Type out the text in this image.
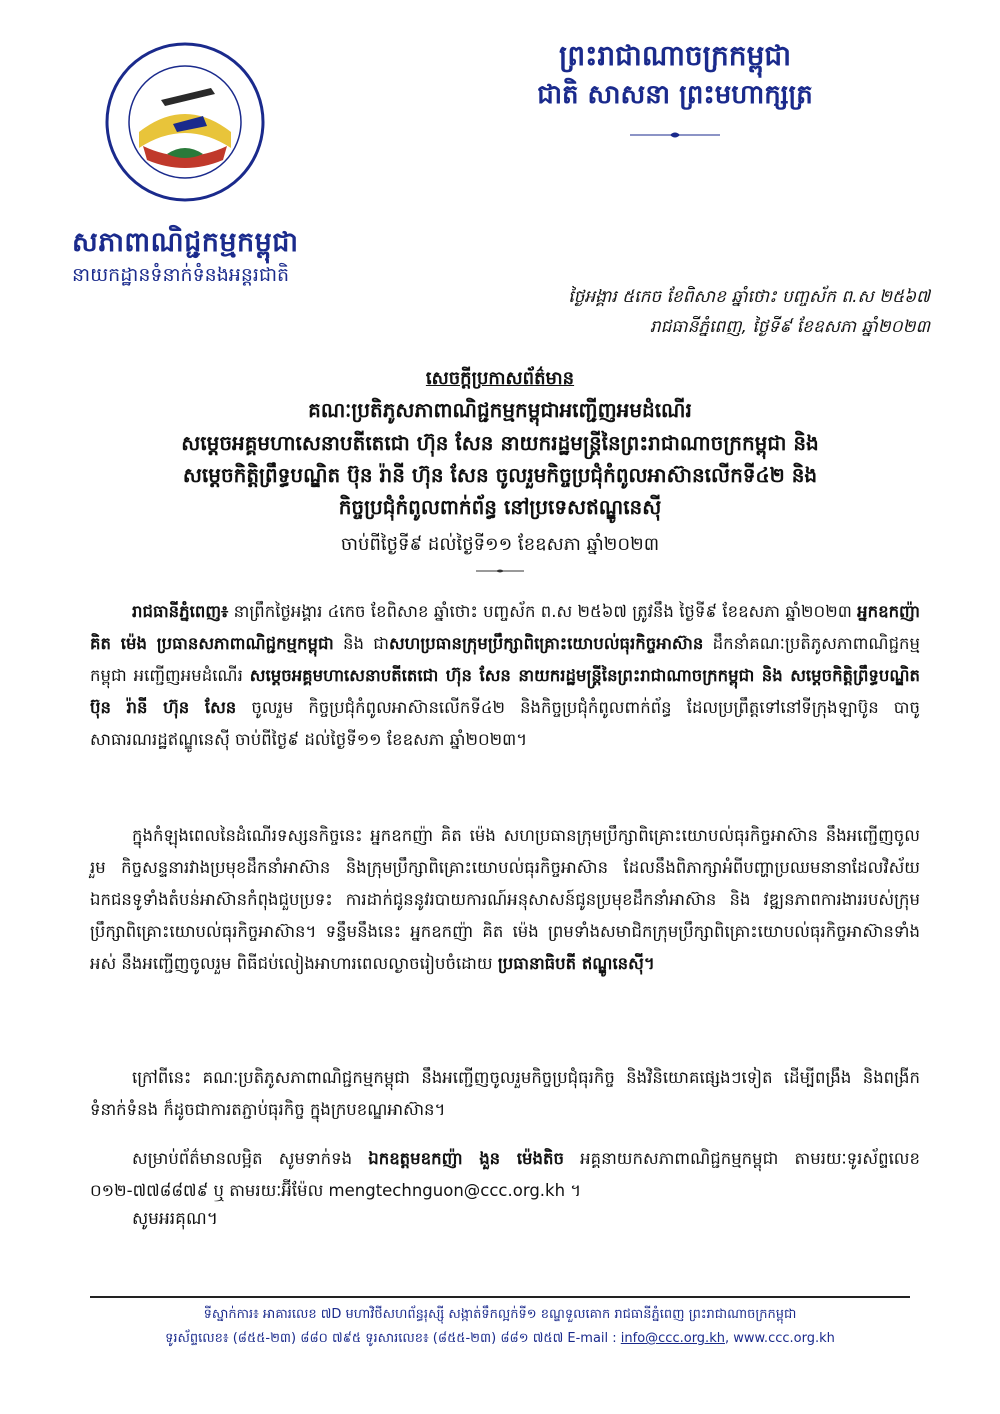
សភាពាណិជ្ជកម្មកម្ពុជា
នាយកដ្ឋានទំនាក់ទំនងអន្តរជាតិ
ព្រះរាជាណាចក្រកម្ពុជា
ជាតិ សាសនា ព្រះមហាក្សត្រ
ថ្ងៃអង្គារ ៥កេច ខែពិសាខ ឆ្នាំថោះ បញ្ចស័ក ព.ស ២៥៦៧
រាជធានីភ្នំពេញ, ថ្ងៃទី៩ ខែឧសភា ឆ្នាំ២០២៣
សេចក្តីប្រកាសព័ត៌មាន
គណៈប្រតិភូសភាពាណិជ្ជកម្មកម្ពុជាអញ្ជើញអមដំណើរ
សម្តេចអគ្គមហាសេនាបតីតេជោ ហ៊ុន សែន នាយករដ្ឋមន្ត្រីនៃព្រះរាជាណាចក្រកម្ពុជា និង
សម្តេចកិត្តិព្រឹទ្ធបណ្ឌិត ប៊ុន រ៉ានី ហ៊ុន សែន ចូលរួមកិច្ចប្រជុំកំពូលអាស៊ានលើកទី៤២ និង
កិច្ចប្រជុំកំពូលពាក់ព័ន្ធ នៅប្រទេសឥណ្ឌូនេស៊ី
ចាប់ពីថ្ងៃទី៩ ដល់ថ្ងៃទី១១ ខែឧសភា ឆ្នាំ២០២៣
រាជធានីភ្នំពេញ៖ នាព្រឹកថ្ងៃអង្គារ ៤កេច ខែពិសាខ ឆ្នាំថោះ បញ្ចស័ក ព.ស ២៥៦៧ ត្រូវនឹង ថ្ងៃទី៩ ខែឧសភា ឆ្នាំ២០២៣ អ្នកឧកញ៉ា គិត ម៉េង ប្រធានសភាពាណិជ្ជកម្មកម្ពុជា និង ជាសហប្រធានក្រុមប្រឹក្សាពិគ្រោះយោបល់ធុរកិច្ចអាស៊ាន ដឹកនាំគណៈប្រតិភូសភាពាណិជ្ជកម្មកម្ពុជា អញ្ជើញអមដំណើរ សម្តេចអគ្គមហាសេនាបតីតេជោ ហ៊ុន សែន នាយករដ្ឋមន្ត្រីនៃព្រះរាជាណាចក្រកម្ពុជា និង សម្តេចកិត្តិព្រឹទ្ធបណ្ឌិត ប៊ុន រ៉ានី ហ៊ុន សែន ចូលរួម កិច្ចប្រជុំកំពូលអាស៊ានលើកទី៤២ និងកិច្ចប្រជុំកំពូលពាក់ព័ន្ធ ដែលប្រព្រឹត្តទៅនៅទីក្រុងឡាប៊ូន បាចូ សាធារណរដ្ឋឥណ្ឌូនេស៊ី ចាប់ពីថ្ងៃ៩ ដល់ថ្ងៃទី១១ ខែឧសភា ឆ្នាំ២០២៣។
ក្នុងកំឡុងពេលនៃដំណើរទស្សនកិច្ចនេះ អ្នកឧកញ៉ា គិត ម៉េង សហប្រធានក្រុមប្រឹក្សាពិគ្រោះយោបល់ធុរកិច្ចអាស៊ាន នឹងអញ្ជើញចូលរួម កិច្ចសន្ទនារវាងប្រមុខដឹកនាំអាស៊ាន និងក្រុមប្រឹក្សាពិគ្រោះយោបល់ធុរកិច្ចអាស៊ាន ដែលនឹងពិភាក្សាអំពីបញ្ហាប្រឈមនានាដែលវិស័យឯកជនទូទាំងតំបន់អាស៊ានកំពុងជួបប្រទះ ការដាក់ជូននូវរបាយការណ៍អនុសាសន៍ជូនប្រមុខដឹកនាំអាស៊ាន និង វឌ្ឍនភាពការងាររបស់ក្រុមប្រឹក្សាពិគ្រោះយោបល់ធុរកិច្ចអាស៊ាន។ ទន្ទឹមនឹងនេះ អ្នកឧកញ៉ា គិត ម៉េង ព្រមទាំងសមាជិកក្រុមប្រឹក្សាពិគ្រោះយោបល់ធុរកិច្ចអាស៊ានទាំងអស់ នឹងអញ្ជើញចូលរួម ពិធីជប់លៀងអាហារពេលល្ងាចរៀបចំដោយ ប្រធានាធិបតី ឥណ្ឌូនេស៊ី។
ក្រៅពីនេះ គណៈប្រតិភូសភាពាណិជ្ជកម្មកម្ពុជា នឹងអញ្ជើញចូលរួមកិច្ចប្រជុំធុរកិច្ច និងវិនិយោគផ្សេងៗទៀត ដើម្បីពង្រឹង និងពង្រីកទំនាក់ទំនង ក៏ដូចជាការតភ្ជាប់ធុរកិច្ច ក្នុងក្របខណ្ឌអាស៊ាន។
សម្រាប់ព័ត៌មានលម្អិត សូមទាក់ទង ឯកឧត្តមឧកញ៉ា ងួន ម៉េងតិច អគ្គនាយកសភាពាណិជ្ជកម្មកម្ពុជា តាមរយៈទូរស័ព្ទលេខ ០១២-៧៧៨៨៧៩ ឬ តាមរយៈអ៊ីម៉ែល mengtechnguon@ccc.org.kh ។
សូមអរគុណ។
ទីស្នាក់ការ៖ អាគារលេខ ៧D មហាវិថីសហព័ន្ធរុស្ស៊ី សង្កាត់ទឹកល្អក់ទី១ ខណ្ឌទួលគោក រាជធានីភ្នំពេញ ព្រះរាជាណាចក្រកម្ពុជា
ទូរស័ព្ទលេខ៖ (៨៥៥-២៣) ៨៨០ ៧៩៥ ទូរសារលេខ៖ (៨៥៥-២៣) ៨៨១ ៧៥៧ E-mail : info@ccc.org.kh, www.ccc.org.kh
